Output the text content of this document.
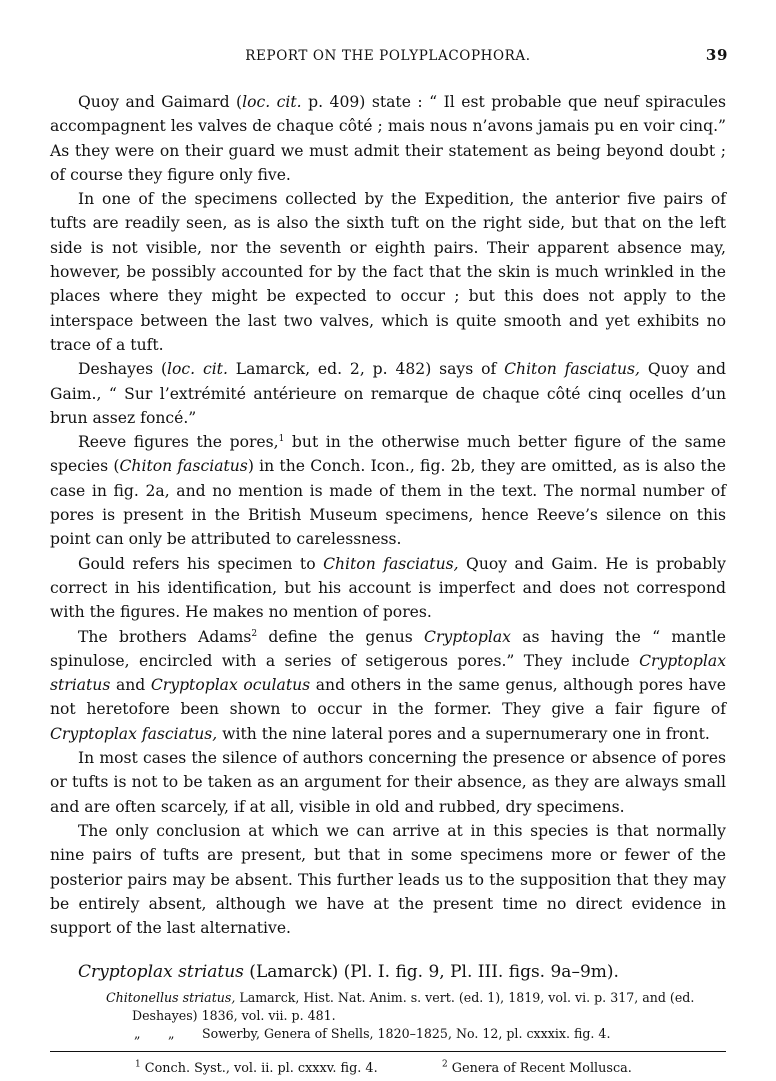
REPORT ON THE POLYPLACOPHORA.	39

Quoy and Gaimard (loc. cit. p. 409) state : “ Il est probable que neuf spiracules accompagnent les valves de chaque côté ; mais nous n’avons jamais pu en voir cinq.” As they were on their guard we must admit their statement as being beyond doubt ; of course they figure only five.

In one of the specimens collected by the Expedition, the anterior five pairs of tufts are readily seen, as is also the sixth tuft on the right side, but that on the left side is not visible, nor the seventh or eighth pairs. Their apparent absence may, however, be possibly accounted for by the fact that the skin is much wrinkled in the places where they might be expected to occur ; but this does not apply to the interspace between the last two valves, which is quite smooth and yet exhibits no trace of a tuft.

Deshayes (loc. cit. Lamarck, ed. 2, p. 482) says of Chiton fasciatus, Quoy and Gaim., “ Sur l’extrémité antérieure on remarque de chaque côté cinq ocelles d’un brun assez foncé.”

Reeve figures the pores,$^1$ but in the otherwise much better figure of the same species (Chiton fasciatus) in the Conch. Icon., fig. 2b, they are omitted, as is also the case in fig. 2a, and no mention is made of them in the text. The normal number of pores is present in the British Museum specimens, hence Reeve’s silence on this point can only be attributed to carelessness.

Gould refers his specimen to Chiton fasciatus, Quoy and Gaim. He is probably correct in his identification, but his account is imperfect and does not correspond with the figures. He makes no mention of pores.

The brothers Adams$^2$ define the genus Cryptoplax as having the “ mantle spinulose, encircled with a series of setigerous pores.” They include Cryptoplax striatus and Cryptoplax oculatus and others in the same genus, although pores have not heretofore been shown to occur in the former. They give a fair figure of Cryptoplax fasciatus, with the nine lateral pores and a supernumerary one in front.

In most cases the silence of authors concerning the presence or absence of pores or tufts is not to be taken as an argument for their absence, as they are always small and are often scarcely, if at all, visible in old and rubbed, dry specimens.

The only conclusion at which we can arrive at in this species is that normally nine pairs of tufts are present, but that in some specimens more or fewer of the posterior pairs may be absent. This further leads us to the supposition that they may be entirely absent, although we have at the present time no direct evidence in support of the last alternative.

Cryptoplax striatus (Lamarck) (Pl. I. fig. 9, Pl. III. figs. 9a–9m).
Chitonellus striatus, Lamarck, Hist. Nat. Anim. s. vert. (ed. 1), 1819, vol. vi. p. 317, and (ed.
Deshayes) 1836, vol. vii. p. 481.
„ „ Sowerby, Genera of Shells, 1820–1825, No. 12, pl. cxxxix. fig. 4.
$^1$ Conch. Syst., vol. ii. pl. cxxxv. fig. 4.	$^2$ Genera of Recent Mollusca.
